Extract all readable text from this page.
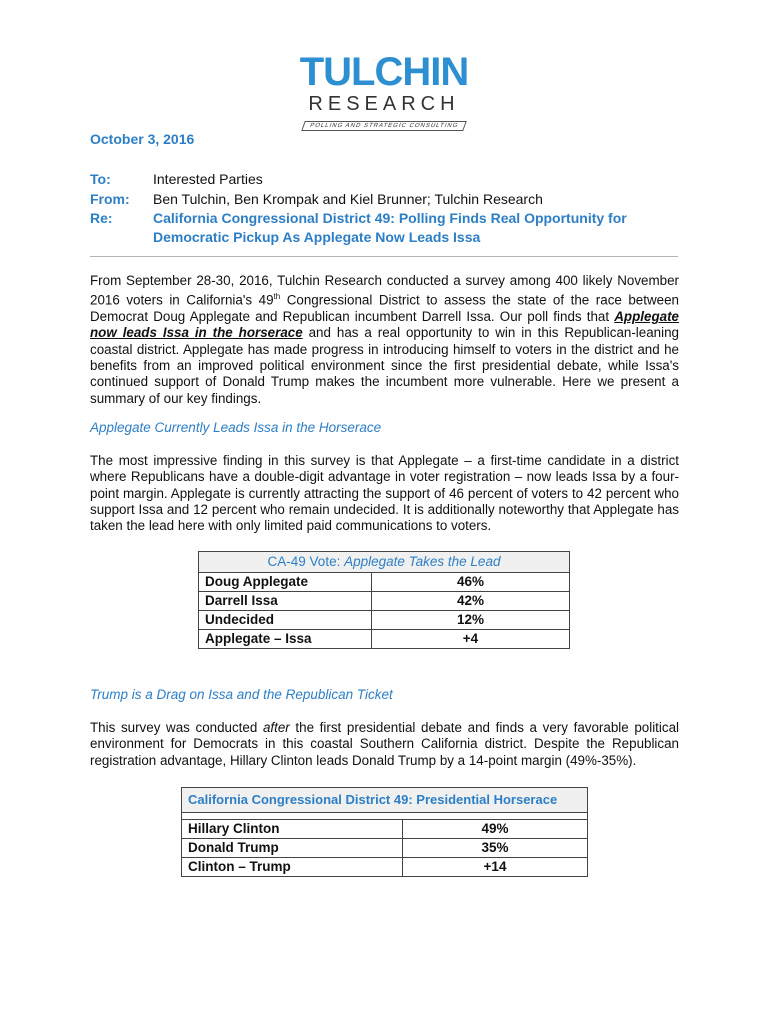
TULCHIN
RESEARCH
POLLING AND STRATEGIC CONSULTING
October 3, 2016
To:	Interested Parties
From:	Ben Tulchin, Ben Krompak and Kiel Brunner; Tulchin Research
Re:	California Congressional District 49: Polling Finds Real Opportunity for Democratic Pickup As Applegate Now Leads Issa

From September 28-30, 2016, Tulchin Research conducted a survey among 400 likely November 2016 voters in California's 49th Congressional District to assess the state of the race between Democrat Doug Applegate and Republican incumbent Darrell Issa. Our poll finds that Applegate now leads Issa in the horserace and has a real opportunity to win in this Republican-leaning coastal district. Applegate has made progress in introducing himself to voters in the district and he benefits from an improved political environment since the first presidential debate, while Issa's continued support of Donald Trump makes the incumbent more vulnerable. Here we present a summary of our key findings.

Applegate Currently Leads Issa in the Horserace

The most impressive finding in this survey is that Applegate – a first-time candidate in a district where Republicans have a double-digit advantage in voter registration – now leads Issa by a four-point margin. Applegate is currently attracting the support of 46 percent of voters to 42 percent who support Issa and 12 percent who remain undecided. It is additionally noteworthy that Applegate has taken the lead here with only limited paid communications to voters.

CA-49 Vote: Applegate Takes the Lead	
Doug Applegate	46%
Darrell Issa	42%
Undecided	12%
Applegate – Issa	+4
Trump is a Drag on Issa and the Republican Ticket

This survey was conducted after the first presidential debate and finds a very favorable political environment for Democrats in this coastal Southern California district. Despite the Republican registration advantage, Hillary Clinton leads Donald Trump by a 14-point margin (49%-35%).

California Congressional District 49: Presidential Horserace	

Hillary Clinton	49%
Donald Trump	35%
Clinton – Trump	+14
